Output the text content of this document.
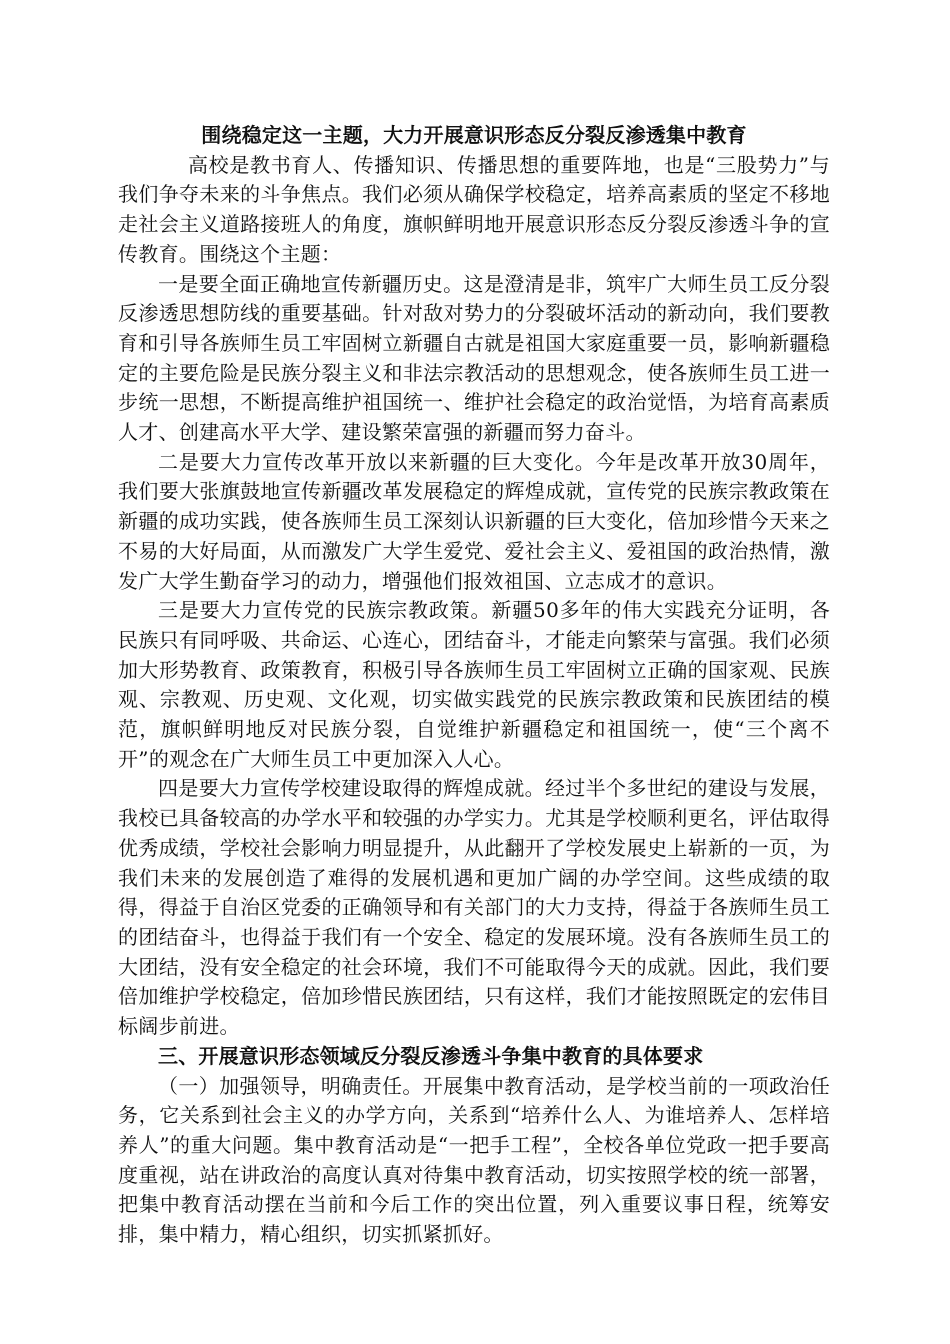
围绕稳定这一主题，大力开展意识形态反分裂反渗透集中教育

高校是教书育人、传播知识、传播思想的重要阵地，也是“三股势力”与我们争夺未来的斗争焦点。我们必须从确保学校稳定，培养高素质的坚定不移地走社会主义道路接班人的角度，旗帜鲜明地开展意识形态反分裂反渗透斗争的宣传教育。围绕这个主题：

一是要全面正确地宣传新疆历史。这是澄清是非，筑牢广大师生员工反分裂反渗透思想防线的重要基础。针对敌对势力的分裂破坏活动的新动向，我们要教育和引导各族师生员工牢固树立新疆自古就是祖国大家庭重要一员，影响新疆稳定的主要危险是民族分裂主义和非法宗教活动的思想观念，使各族师生员工进一步统一思想，不断提高维护祖国统一、维护社会稳定的政治觉悟，为培育高素质人才、创建高水平大学、建设繁荣富强的新疆而努力奋斗。

二是要大力宣传改革开放以来新疆的巨大变化。今年是改革开放30周年，我们要大张旗鼓地宣传新疆改革发展稳定的辉煌成就，宣传党的民族宗教政策在新疆的成功实践，使各族师生员工深刻认识新疆的巨大变化，倍加珍惜今天来之不易的大好局面，从而激发广大学生爱党、爱社会主义、爱祖国的政治热情，激发广大学生勤奋学习的动力，增强他们报效祖国、立志成才的意识。

三是要大力宣传党的民族宗教政策。新疆50多年的伟大实践充分证明，各民族只有同呼吸、共命运、心连心，团结奋斗，才能走向繁荣与富强。我们必须加大形势教育、政策教育，积极引导各族师生员工牢固树立正确的国家观、民族观、宗教观、历史观、文化观，切实做实践党的民族宗教政策和民族团结的模范，旗帜鲜明地反对民族分裂，自觉维护新疆稳定和祖国统一，使“三个离不开”的观念在广大师生员工中更加深入人心。

四是要大力宣传学校建设取得的辉煌成就。经过半个多世纪的建设与发展，我校已具备较高的办学水平和较强的办学实力。尤其是学校顺利更名，评估取得优秀成绩，学校社会影响力明显提升，从此翻开了学校发展史上崭新的一页，为我们未来的发展创造了难得的发展机遇和更加广阔的办学空间。这些成绩的取得，得益于自治区党委的正确领导和有关部门的大力支持，得益于各族师生员工的团结奋斗，也得益于我们有一个安全、稳定的发展环境。没有各族师生员工的大团结，没有安全稳定的社会环境，我们不可能取得今天的成就。因此，我们要倍加维护学校稳定，倍加珍惜民族团结，只有这样，我们才能按照既定的宏伟目标阔步前进。

三、开展意识形态领域反分裂反渗透斗争集中教育的具体要求

（一）加强领导，明确责任。开展集中教育活动，是学校当前的一项政治任务，它关系到社会主义的办学方向，关系到“培养什么人、为谁培养人、怎样培养人”的重大问题。集中教育活动是“一把手工程”，全校各单位党政一把手要高度重视，站在讲政治的高度认真对待集中教育活动，切实按照学校的统一部署，把集中教育活动摆在当前和今后工作的突出位置，列入重要议事日程，统筹安排，集中精力，精心组织，切实抓紧抓好。
